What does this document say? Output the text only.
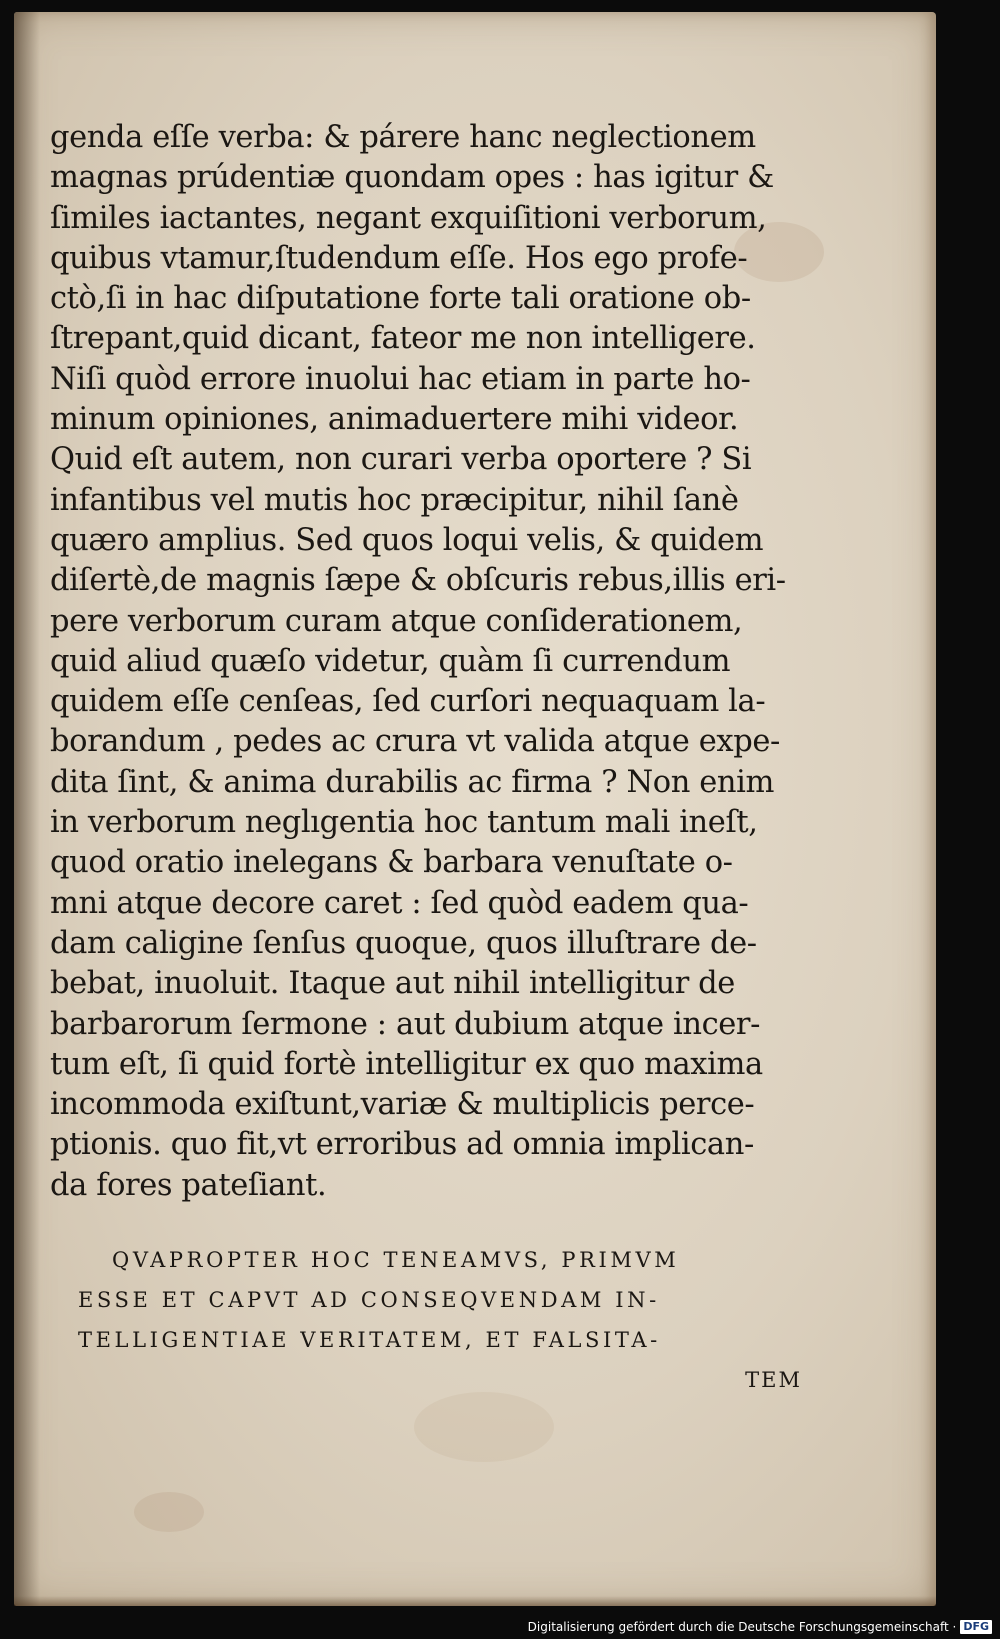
genda eſſe verba: & párere hanc neglectionem
magnas prúdentiæ quondam opes : has igitur &
ſimiles iactantes, negant exquiſitioni verborum,
quibus vtamur,ſtudendum eſſe. Hos ego profe-
ctò,ſi in hac diſputatione forte tali oratione ob-
ſtrepant,quid dicant, fateor me non intelligere.
Niſi quòd errore inuolui hac etiam in parte ho-
minum opiniones, animaduertere mihi videor.
Quid eſt autem, non curari verba oportere ? Si
infantibus vel mutis hoc præcipitur, nihil ſanè
quæro amplius. Sed quos loqui velis, & quidem
diſertè,de magnis ſæpe & obſcuris rebus,illis eri-
pere verborum curam atque conſiderationem,
quid aliud quæſo videtur, quàm ſi currendum
quidem eſſe cenſeas, ſed curſori nequaquam la-
borandum , pedes ac crura vt valida atque expe-
dita ſint, & anima durabilis ac firma ? Non enim
in verborum neglıgentia hoc tantum mali ineſt,
quod oratio inelegans & barbara venuſtate o-
mni atque decore caret : ſed quòd eadem qua-
dam caligine ſenſus quoque, quos illuſtrare de-
bebat, inuoluit. Itaque aut nihil intelligitur de
barbarorum ſermone : aut dubium atque incer-
tum eſt, ſi quid fortè intelligitur ex quo maxima
incommoda exiſtunt,variæ & multiplicis perce-
ptionis. quo fit,vt erroribus ad omnia implican-
da fores pateſiant.
QVAPROPTER HOC TENEAMVS, PRIMVM
ESSE ET CAPVT AD CONSEQVENDAM IN-
TELLIGENTIAE VERITATEM, ET FALSITA-
TEM
Digitalisierung gefördert durch die Deutsche Forschungsgemeinschaft · DFG
